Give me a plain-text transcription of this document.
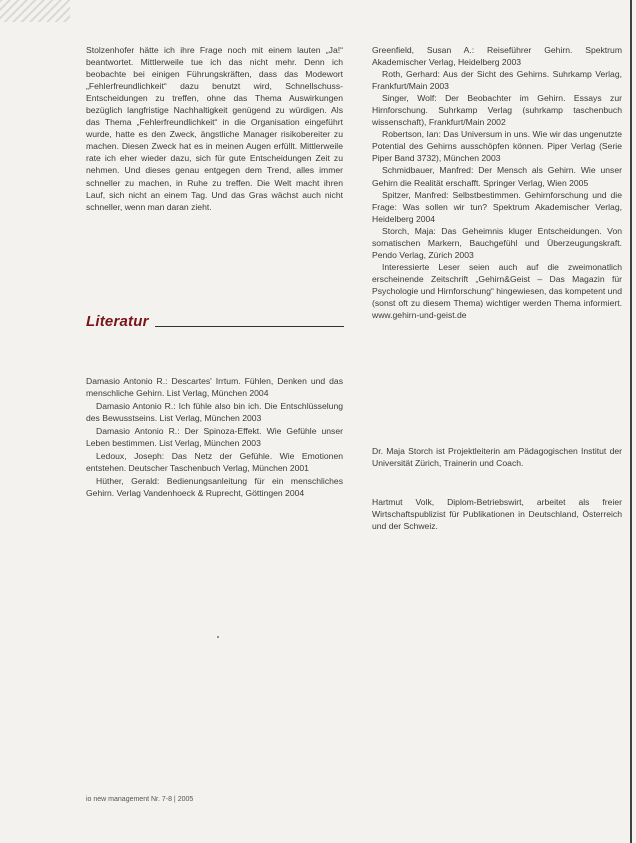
Stolzenhofer hätte ich ihre Frage noch mit einem lauten „Ja!“ beantwortet. Mittlerweile tue ich das nicht mehr. Denn ich beobachte bei einigen Führungskräften, dass das Modewort „Fehlerfreundlichkeit“ dazu benutzt wird, Schnellschuss-Entscheidungen zu treffen, ohne das Thema Auswirkungen bezüglich langfristige Nachhaltigkeit genügend zu würdigen. Als das Thema „Fehlerfreundlichkeit“ in die Organisation eingeführt wurde, hatte es den Zweck, ängstliche Manager risikobereiter zu machen. Diesen Zweck hat es in meinen Augen erfüllt. Mittlerweile rate ich eher wieder dazu, sich für gute Entscheidungen Zeit zu nehmen. Und dieses genau entgegen dem Trend, alles immer schneller zu machen, in Ruhe zu treffen. Die Welt macht ihren Lauf, sich nicht an einem Tag. Und das Gras wächst auch nicht schneller, wenn man daran zieht.

Literatur

Damasio Antonio R.: Descartes' Irrtum. Fühlen, Denken und das menschliche Gehirn. List Verlag, München 2004

Damasio Antonio R.: Ich fühle also bin ich. Die Entschlüsselung des Bewusstseins. List Verlag, München 2003

Damasio Antonio R.: Der Spinoza-Effekt. Wie Gefühle unser Leben bestimmen. List Verlag, München 2003

Ledoux, Joseph: Das Netz der Gefühle. Wie Emotionen entstehen. Deutscher Taschenbuch Verlag, München 2001

Hüther, Gerald: Bedienungsanleitung für ein menschliches Gehirn. Verlag Vandenhoeck & Ruprecht, Göttingen 2004

Greenfield, Susan A.: Reiseführer Gehirn. Spektrum Akademischer Verlag, Heidelberg 2003

Roth, Gerhard: Aus der Sicht des Gehirns. Suhrkamp Verlag, Frankfurt/Main 2003

Singer, Wolf: Der Beobachter im Gehirn. Essays zur Hirnforschung. Suhrkamp Verlag (suhrkamp taschenbuch wissenschaft), Frankfurt/Main 2002

Robertson, Ian: Das Universum in uns. Wie wir das ungenutzte Potential des Gehirns ausschöpfen können. Piper Verlag (Serie Piper Band 3732), München 2003

Schmidbauer, Manfred: Der Mensch als Gehirn. Wie unser Gehirn die Realität erschafft. Springer Verlag, Wien 2005

Spitzer, Manfred: Selbstbestimmen. Gehirnforschung und die Frage: Was sollen wir tun? Spektrum Akademischer Verlag, Heidelberg 2004

Storch, Maja: Das Geheimnis kluger Entscheidungen. Von somatischen Markern, Bauchgefühl und Überzeugungskraft. Pendo Verlag, Zürich 2003

Interessierte Leser seien auch auf die zweimonatlich erscheinende Zeitschrift „Gehirn&Geist – Das Magazin für Psychologie und Hirnforschung“ hingewiesen, das kompetent und (sonst oft zu diesem Thema) wichtiger werden Thema informiert. www.gehirn-und-geist.de

Dr. Maja Storch ist Projektleiterin am Pädagogischen Institut der Universität Zürich, Trainerin und Coach.

Hartmut Volk, Diplom-Betriebswirt, arbeitet als freier Wirtschaftspublizist für Publikationen in Deutschland, Österreich und der Schweiz.

io new management Nr. 7-8 | 2005
